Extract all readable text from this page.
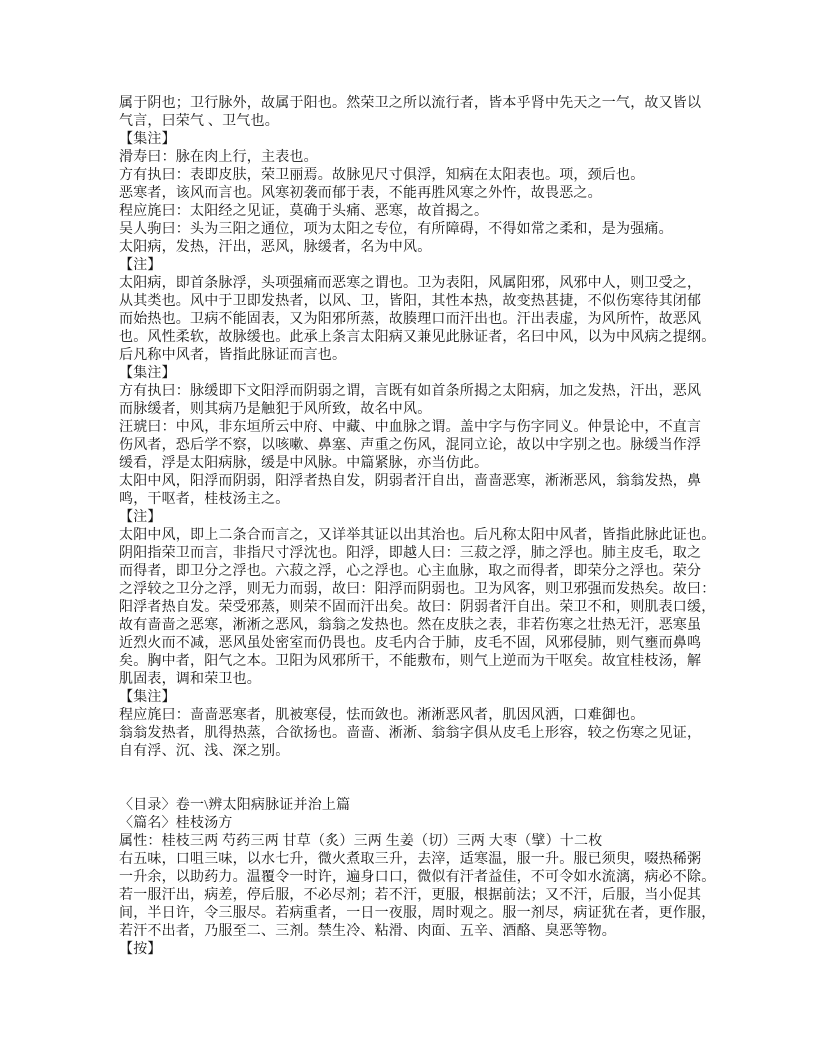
属于阴也；卫行脉外，故属于阳也。然荣卫之所以流行者，皆本乎肾中先天之一气，故又皆以
气言，曰荣气 、卫气也。
【集注】
滑寿曰：脉在肉上行，主表也。
方有执曰：表即皮肤，荣卫丽焉。故脉见尺寸俱浮，知病在太阳表也。项，颈后也。
恶寒者，该风而言也。风寒初袭而郁于表，不能再胜风寒之外忤，故畏恶之。
程应旄曰：太阳经之见证，莫确于头痛、恶寒，故首揭之。
吴人驹曰：头为三阳之通位，项为太阳之专位，有所障碍，不得如常之柔和，是为强痛。
太阳病，发热，汗出，恶风，脉缓者，名为中风。
【注】
太阳病，即首条脉浮，头项强痛而恶寒之谓也。卫为表阳，风属阳邪，风邪中人，则卫受之，
从其类也。风中于卫即发热者，以风、卫，皆阳，其性本热，故变热甚捷，不似伤寒待其闭郁
而始热也。卫病不能固表，又为阳邪所蒸，故腠理口而汗出也。汗出表虚，为风所忤，故恶风
也。风性柔软，故脉缓也。此承上条言太阳病又兼见此脉证者，名曰中风，以为中风病之提纲。
后凡称中风者，皆指此脉证而言也。
【集注】
方有执曰：脉缓即下文阳浮而阴弱之谓，言既有如首条所揭之太阳病，加之发热，汗出，恶风
而脉缓者，则其病乃是触犯于风所致，故名中风。
汪琥曰：中风，非东垣所云中府、中藏、中血脉之谓。盖中字与伤字同义。仲景论中，不直言
伤风者，恐后学不察，以咳嗽、鼻塞、声重之伤风，混同立论，故以中字别之也。脉缓当作浮
缓看，浮是太阳病脉，缓是中风脉。中篇紧脉，亦当仿此。
太阳中风，阳浮而阴弱，阳浮者热自发，阴弱者汗自出，啬啬恶寒，淅淅恶风，翁翁发热，鼻
鸣，干呕者，桂枝汤主之。
【注】
太阳中风，即上二条合而言之，又详举其证以出其治也。后凡称太阳中风者，皆指此脉此证也。
阴阳指荣卫而言，非指尺寸浮沈也。阳浮，即越人曰：三菽之浮，肺之浮也。肺主皮毛，取之
而得者，即卫分之浮也。六菽之浮，心之浮也。心主血脉，取之而得者，即荣分之浮也。荣分
之浮较之卫分之浮，则无力而弱，故曰：阳浮而阴弱也。卫为风客，则卫邪强而发热矣。故曰：
阳浮者热自发。荣受邪蒸，则荣不固而汗出矣。故曰：阴弱者汗自出。荣卫不和，则肌表口缓，
故有啬啬之恶寒，淅淅之恶风，翁翁之发热也。然在皮肤之表，非若伤寒之壮热无汗，恶寒虽
近烈火而不减，恶风虽处密室而仍畏也。皮毛内合于肺，皮毛不固，风邪侵肺，则气壅而鼻鸣
矣。胸中者，阳气之本。卫阳为风邪所干，不能敷布，则气上逆而为干呕矣。故宜桂枝汤，解
肌固表，调和荣卫也。
【集注】
程应旄曰：啬啬恶寒者，肌被寒侵，怯而敛也。淅淅恶风者，肌因风洒，口难御也。
翁翁发热者，肌得热蒸，合欲扬也。啬啬、淅淅、翁翁字俱从皮毛上形容，较之伤寒之见证，
自有浮、沉、浅、深之别。

〈目录〉卷一\辨太阳病脉证并治上篇
〈篇名〉桂枝汤方
属性：桂枝三两 芍药三两 甘草（炙）三两 生姜（切）三两 大枣（擘）十二枚
右五味，口咀三味，以水七升，微火煮取三升，去滓，适寒温，服一升。服已须臾，啜热稀粥
一升余，以助药力。温覆令一时许，遍身口口，微似有汗者益佳，不可令如水流漓，病必不除。
若一服汗出，病差，停后服，不必尽剂；若不汗，更服，根据前法；又不汗，后服，当小促其
间，半日许，令三服尽。若病重者，一日一夜服，周时观之。服一剂尽，病证犹在者，更作服，
若汗不出者，乃服至二、三剂。禁生冷、粘滑、肉面、五辛、酒酪、臭恶等物。
【按】
